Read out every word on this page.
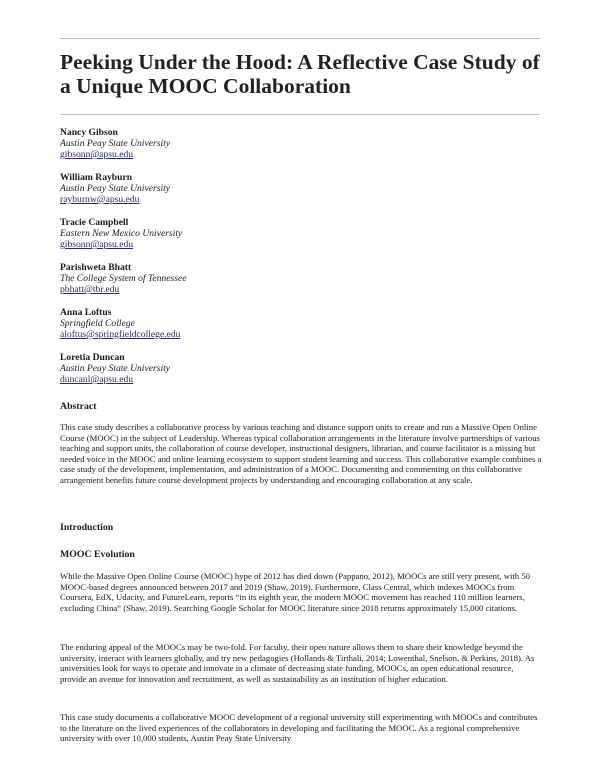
Peeking Under the Hood: A Reflective Case Study of a Unique MOOC Collaboration
Nancy Gibson
Austin Peay State University
gibsonn@apsu.edu
William Rayburn
Austin Peay State University
rayburnw@apsu.edu
Tracie Campbell
Eastern New Mexico University
gibsonn@apsu.edu
Parishweta Bhatt
The College System of Tennessee
pbhatt@tbr.edu
Anna Loftus
Springfield College
aloftus@springfieldcollege.edu
Loretia Duncan
Austin Peay State University
duncanl@apsu.edu
Abstract
This case study describes a collaborative process by various teaching and distance support units to create and run a Massive Open Online Course (MOOC) in the subject of Leadership. Whereas typical collaboration arrangements in the literature involve partnerships of various teaching and support units, the collaboration of course developer, instructional designers, librarian, and course facilitator is a missing but needed voice in the MOOC and online learning ecosystem to support student learning and success. This collaborative example combines a case study of the development, implementation, and administration of a MOOC. Documenting and commenting on this collaborative arrangement benefits future course development projects by understanding and encouraging collaboration at any scale.
Introduction
MOOC Evolution
While the Massive Open Online Course (MOOC) hype of 2012 has died down (Pappano, 2012), MOOCs are still very present, with 50 MOOC-based degrees announced between 2017 and 2019 (Shaw, 2019). Furthermore, Class Central, which indexes MOOCs from Coursera, EdX, Udacity, and FutureLearn, reports “in its eighth year, the modern MOOC movement has reached 110 million learners, excluding China” (Shaw, 2019). Searching Google Scholar for MOOC literature since 2018 returns approximately 15,000 citations.
The enduring appeal of the MOOCs may be two-fold. For faculty, their open nature allows them to share their knowledge beyond the university, interact with learners globally, and try new pedagogies (Hollands & Tirthali, 2014; Lowenthal, Snelson, & Perkins, 2018). As universities look for ways to operate and innovate in a climate of decreasing state funding, MOOCs, an open educational resource, provide an avenue for innovation and recruitment, as well as sustainability as an institution of higher education.
This case study documents a collaborative MOOC development of a regional university still experimenting with MOOCs and contributes to the literature on the lived experiences of the collaborators in developing and facilitating the MOOC. As a regional comprehensive university with over 10,000 students, Austin Peay State University
